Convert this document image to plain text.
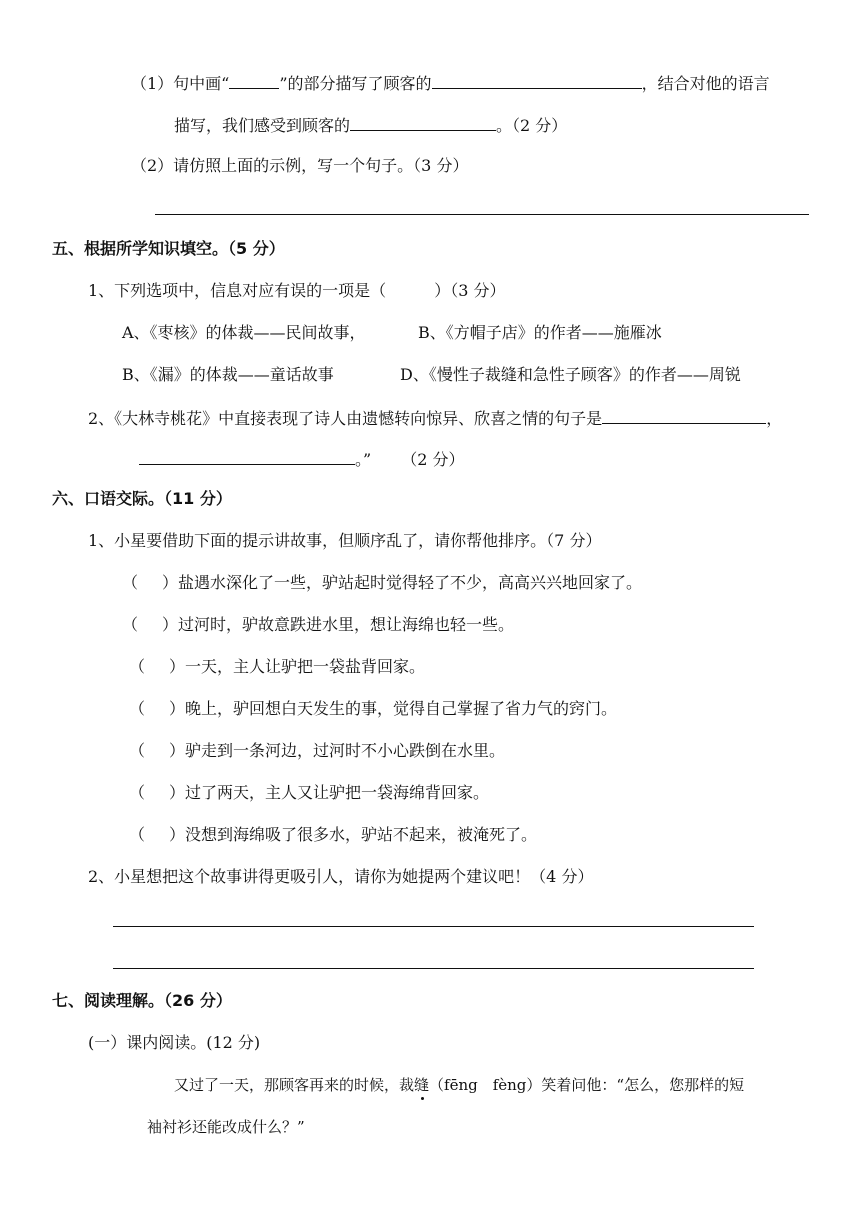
（1）句中画“	”的部分描写了顾客的	，结合对他的语言
描写，我们感受到顾客的	。（2 分）
（2）请仿照上面的示例，写一个句子。（3 分）
五、根据所学知识填空。（5 分）
1、下列选项中，信息对应有误的一项是（	）（3 分）
A、《枣核》的体裁——民间故事，	B、《方帽子店》的作者——施雁冰
B、《漏》的体裁——童话故事	D、《慢性子裁缝和急性子顾客》的作者——周锐
2、《大林寺桃花》中直接表现了诗人由遗憾转向惊异、欣喜之情的句子是	，
。” （2 分）
六、口语交际。（11 分）
1、小星要借助下面的提示讲故事，但顺序乱了，请你帮他排序。（7 分）
（ ）盐遇水深化了一些，驴站起时觉得轻了不少，高高兴兴地回家了。
（ ）过河时，驴故意跌进水里，想让海绵也轻一些。
（ ）一天，主人让驴把一袋盐背回家。
（ ）晚上，驴回想白天发生的事，觉得自己掌握了省力气的窍门。
（ ）驴走到一条河边，过河时不小心跌倒在水里。
（ ）过了两天，主人又让驴把一袋海绵背回家。
（ ）没想到海绵吸了很多水，驴站不起来，被淹死了。
2、小星想把这个故事讲得更吸引人，请你为她提两个建议吧！（4 分）
七、阅读理解。（26 分）
(一）课内阅读。(12 分)
又过了一天，那顾客再来的时候，裁缝（fēng　fèng）笑着问他：“怎么，您那样的短
袖衬衫还能改成什么？”
